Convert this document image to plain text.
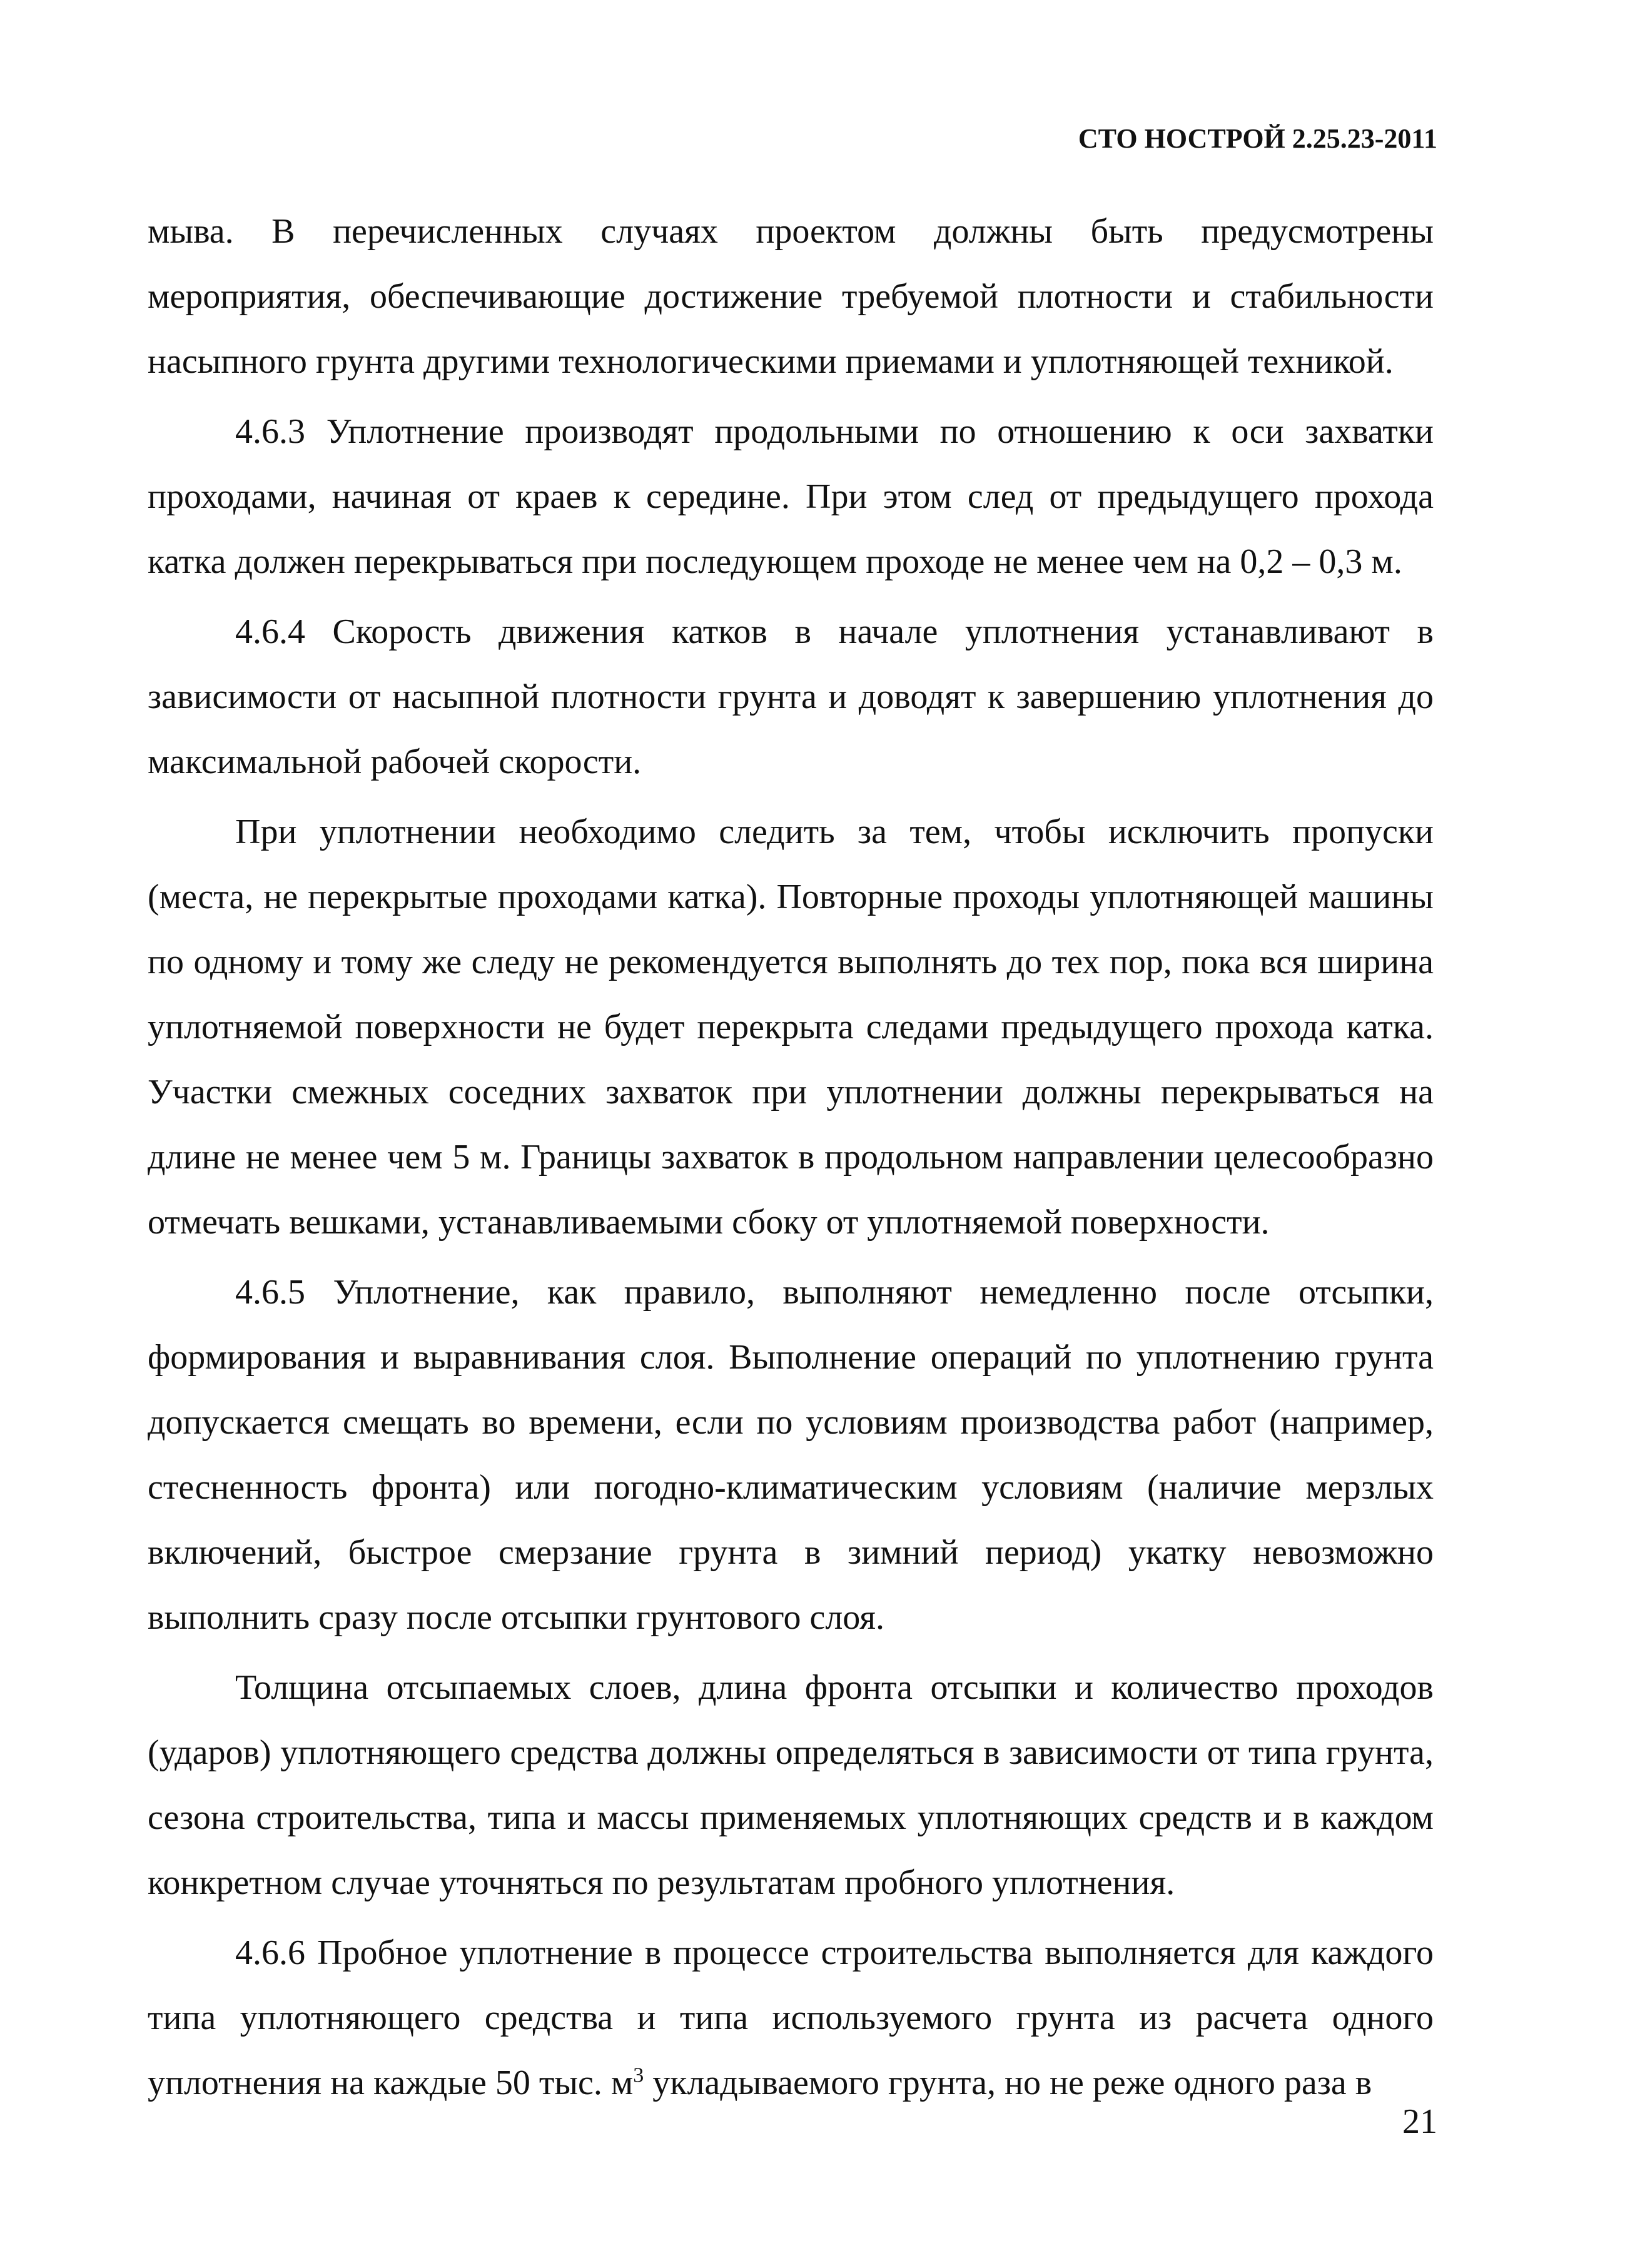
СТО НОСТРОЙ 2.25.23-2011

мыва. В перечисленных случаях проектом должны быть предусмотрены мероприятия, обеспечивающие достижение требуемой плотности и стабильности насыпного грунта другими технологическими приемами и уплотняющей техникой.

4.6.3 Уплотнение производят продольными по отношению к оси захватки проходами, начиная от краев к середине. При этом след от предыдущего прохода катка должен перекрываться при последующем проходе не менее чем на 0,2 – 0,3 м.

4.6.4 Скорость движения катков в начале уплотнения устанавливают в зависимости от насыпной плотности грунта и доводят к завершению уплотнения до максимальной рабочей скорости.

При уплотнении необходимо следить за тем, чтобы исключить пропуски (места, не перекрытые проходами катка). Повторные проходы уплотняющей машины по одному и тому же следу не рекомендуется выполнять до тех пор, пока вся ширина уплотняемой поверхности не будет перекрыта следами предыдущего прохода катка. Участки смежных соседних захваток при уплотнении должны перекрываться на длине не менее чем 5 м. Границы захваток в продольном направлении целесообразно отмечать вешками, устанавливаемыми сбоку от уплотняемой поверхности.

4.6.5 Уплотнение, как правило, выполняют немедленно после отсыпки, формирования и выравнивания слоя. Выполнение операций по уплотнению грунта допускается смещать во времени, если по условиям производства работ (например, стесненность фронта) или погодно-климатическим условиям (наличие мерзлых включений, быстрое смерзание грунта в зимний период) укатку невозможно выполнить сразу после отсыпки грунтового слоя.

Толщина отсыпаемых слоев, длина фронта отсыпки и количество проходов (ударов) уплотняющего средства должны определяться в зависимости от типа грунта, сезона строительства, типа и массы применяемых уплотняющих средств и в каждом конкретном случае уточняться по результатам пробного уплотнения.

4.6.6 Пробное уплотнение в процессе строительства выполняется для каждого типа уплотняющего средства и типа используемого грунта из расчета одного уплотнения на каждые 50 тыс. $м^3$ укладываемого грунта, но не реже одного раза в

21
